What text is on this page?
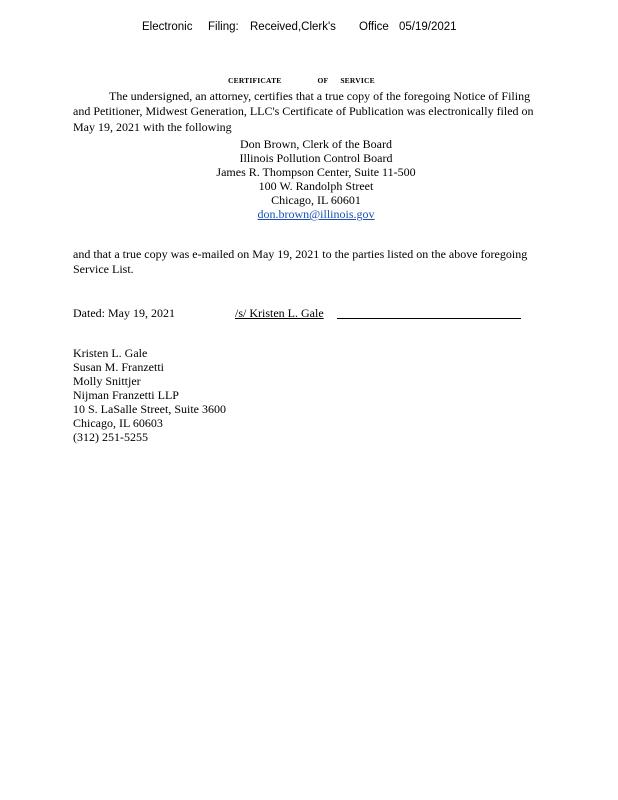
Electronic Filing: Received,Clerk's Office 05/19/2021
CERTIFICATE	OF SERVICE
The undersigned, an attorney, certifies that a true copy of the foregoing Notice of Filing
and Petitioner, Midwest Generation, LLC's Certificate of Publication was electronically filed on
May 19, 2021 with the following
Don Brown, Clerk of the Board
Illinois Pollution Control Board
James R. Thompson Center, Suite 11-500
100 W. Randolph Street
Chicago, IL 60601
don.brown@illinois.gov
and that a true copy was e-mailed on May 19, 2021 to the parties listed on the above foregoing
Service List.
Dated: May 19, 2021	/s/ Kristen L. Gale
Kristen L. Gale
Susan M. Franzetti
Molly Snittjer
Nijman Franzetti LLP
10 S. LaSalle Street, Suite 3600
Chicago, IL 60603
(312) 251-5255
